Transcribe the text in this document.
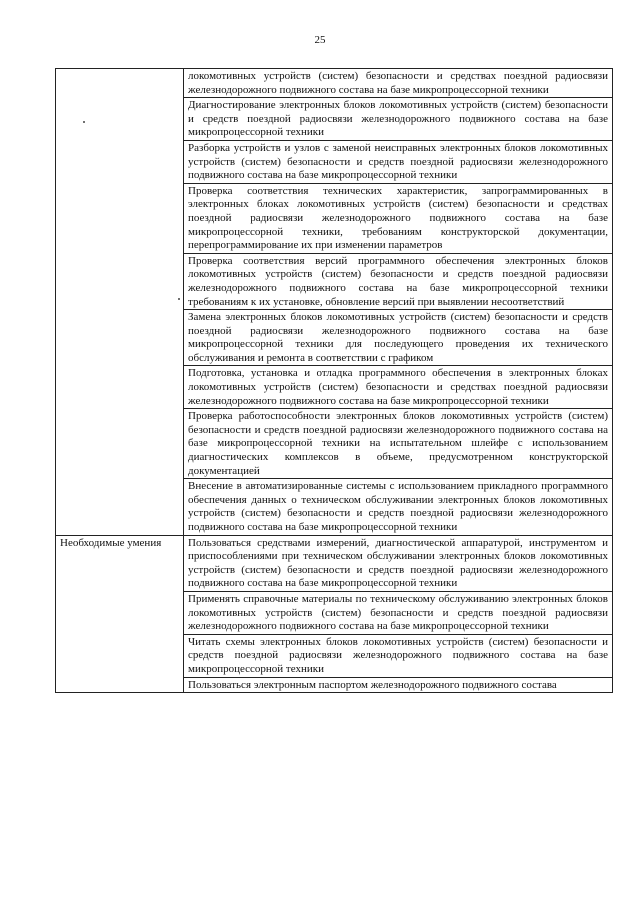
25
	локомотивных устройств (систем) безопасности и средствах поездной радиосвязи железнодорожного подвижного состава на базе микропроцессорной техники
	Диагностирование электронных блоков локомотивных устройств (систем) безопасности и средств поездной радиосвязи железнодорожного подвижного состава на базе микропроцессорной техники
	Разборка устройств и узлов с заменой неисправных электронных блоков локомотивных устройств (систем) безопасности и средств поездной радиосвязи железнодорожного подвижного состава на базе микропроцессорной техники
	Проверка соответствия технических характеристик, запрограммированных в электронных блоках локомотивных устройств (систем) безопасности и средствах поездной радиосвязи железнодорожного подвижного состава на базе микропроцессорной техники, требованиям конструкторской документации, перепрограммирование их при изменении параметров
	Проверка соответствия версий программного обеспечения электронных блоков локомотивных устройств (систем) безопасности и средств поездной радиосвязи железнодорожного подвижного состава на базе микропроцессорной техники требованиям к их установке, обновление версий при выявлении несоответствий
	Замена электронных блоков локомотивных устройств (систем) безопасности и средств поездной радиосвязи железнодорожного подвижного состава на базе микропроцессорной техники для последующего проведения их технического обслуживания и ремонта в соответствии с графиком
	Подготовка, установка и отладка программного обеспечения в электронных блоках локомотивных устройств (систем) безопасности и средствах поездной радиосвязи железнодорожного подвижного состава на базе микропроцессорной техники
	Проверка работоспособности электронных блоков локомотивных устройств (систем) безопасности и средств поездной радиосвязи железнодорожного подвижного состава на базе микропроцессорной техники на испытательном шлейфе с использованием диагностических комплексов в объеме, предусмотренном конструкторской документацией
	Внесение в автоматизированные системы с использованием прикладного программного обеспечения данных о техническом обслуживании электронных блоков локомотивных устройств (систем) безопасности и средств поездной радиосвязи железнодорожного подвижного состава на базе микропроцессорной техники
Необходимые умения	Пользоваться средствами измерений, диагностической аппаратурой, инструментом и приспособлениями при техническом обслуживании электронных блоков локомотивных устройств (систем) безопасности и средств поездной радиосвязи железнодорожного подвижного состава на базе микропроцессорной техники
	Применять справочные материалы по техническому обслуживанию электронных блоков локомотивных устройств (систем) безопасности и средств поездной радиосвязи железнодорожного подвижного состава на базе микропроцессорной техники
	Читать схемы электронных блоков локомотивных устройств (систем) безопасности и средств поездной радиосвязи железнодорожного подвижного состава на базе микропроцессорной техники
	Пользоваться электронным паспортом железнодорожного подвижного состава
